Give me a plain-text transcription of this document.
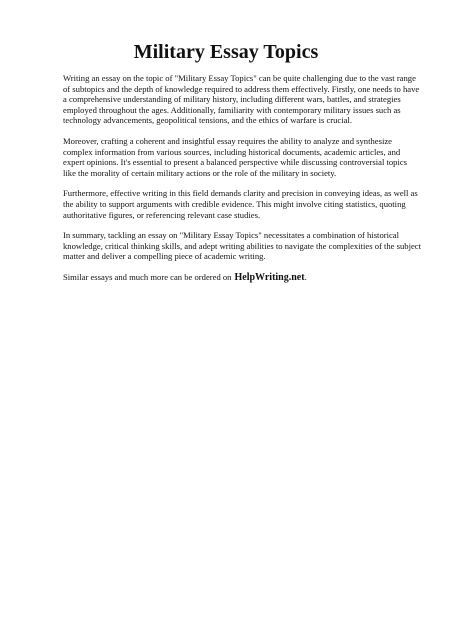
Military Essay Topics

Writing an essay on the topic of "Military Essay Topics" can be quite challenging due to the vast range of subtopics and the depth of knowledge required to address them effectively. Firstly, one needs to have a comprehensive understanding of military history, including different wars, battles, and strategies employed throughout the ages. Additionally, familiarity with contemporary military issues such as technology advancements, geopolitical tensions, and the ethics of warfare is crucial.

Moreover, crafting a coherent and insightful essay requires the ability to analyze and synthesize complex information from various sources, including historical documents, academic articles, and expert opinions. It's essential to present a balanced perspective while discussing controversial topics like the morality of certain military actions or the role of the military in society.

Furthermore, effective writing in this field demands clarity and precision in conveying ideas, as well as the ability to support arguments with credible evidence. This might involve citing statistics, quoting authoritative figures, or referencing relevant case studies.

In summary, tackling an essay on "Military Essay Topics" necessitates a combination of historical knowledge, critical thinking skills, and adept writing abilities to navigate the complexities of the subject matter and deliver a compelling piece of academic writing.

Similar essays and much more can be ordered on HelpWriting.net.
